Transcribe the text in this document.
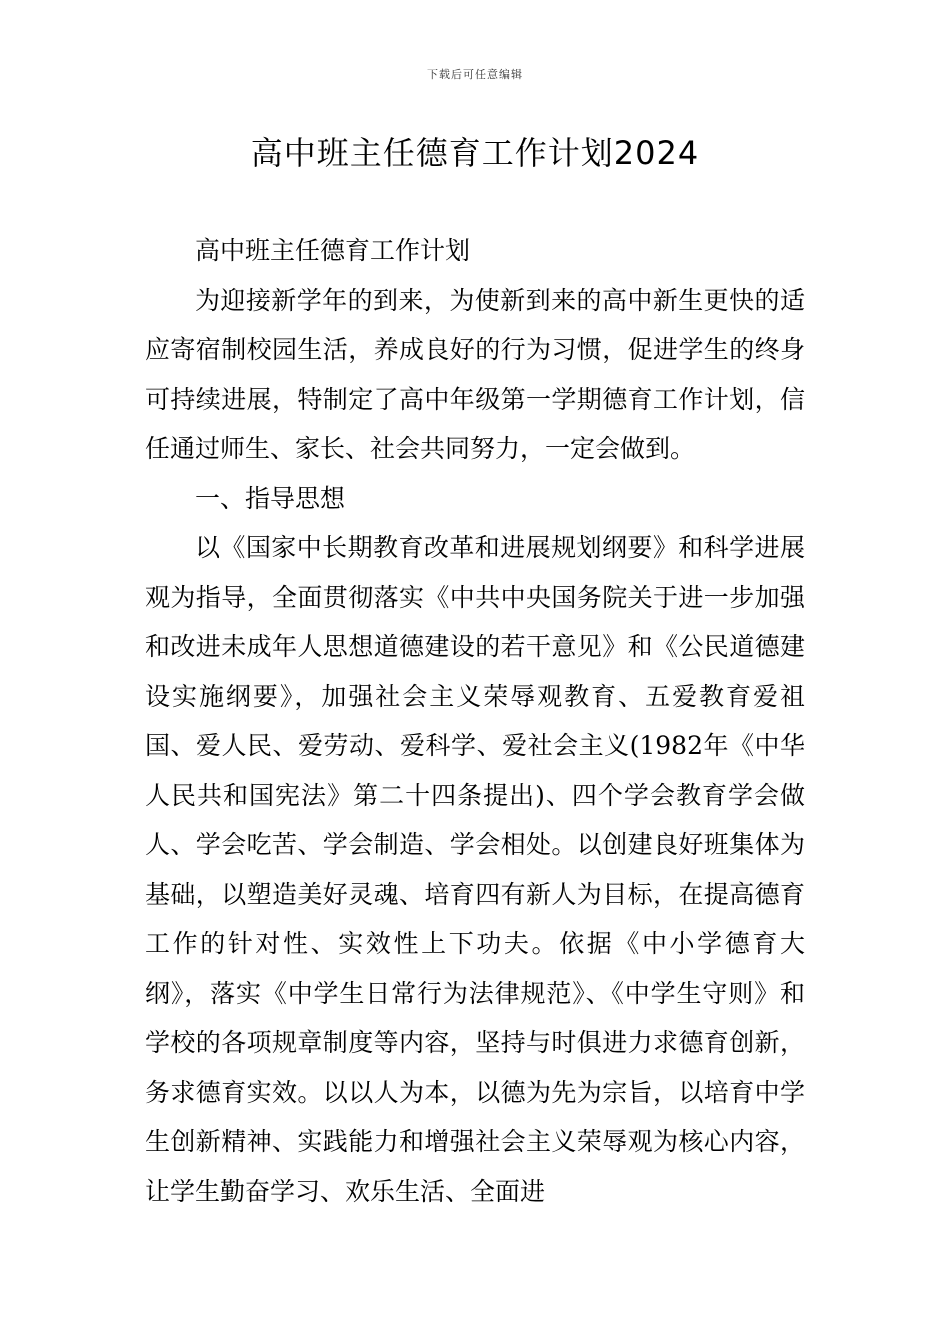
下载后可任意编辑
高中班主任德育工作计划2024

高中班主任德育工作计划

为迎接新学年的到来，为使新到来的高中新生更快的适应寄宿制校园生活，养成良好的行为习惯，促进学生的终身可持续进展，特制定了高中年级第一学期德育工作计划，信任通过师生、家长、社会共同努力，一定会做到。

一、指导思想

以《国家中长期教育改革和进展规划纲要》和科学进展观为指导，全面贯彻落实《中共中央国务院关于进一步加强和改进未成年人思想道德建设的若干意见》和《公民道德建设实施纲要》，加强社会主义荣辱观教育、五爱教育爱祖国、爱人民、爱劳动、爱科学、爱社会主义(1982年《中华人民共和国宪法》第二十四条提出)、四个学会教育学会做人、学会吃苦、学会制造、学会相处。以创建良好班集体为基础，以塑造美好灵魂、培育四有新人为目标，在提高德育工作的针对性、实效性上下功夫。依据《中小学德育大纲》，落实《中学生日常行为法律规范》、《中学生守则》和学校的各项规章制度等内容，坚持与时俱进力求德育创新，务求德育实效。以以人为本，以德为先为宗旨，以培育中学生创新精神、实践能力和增强社会主义荣辱观为核心内容，让学生勤奋学习、欢乐生活、全面进
